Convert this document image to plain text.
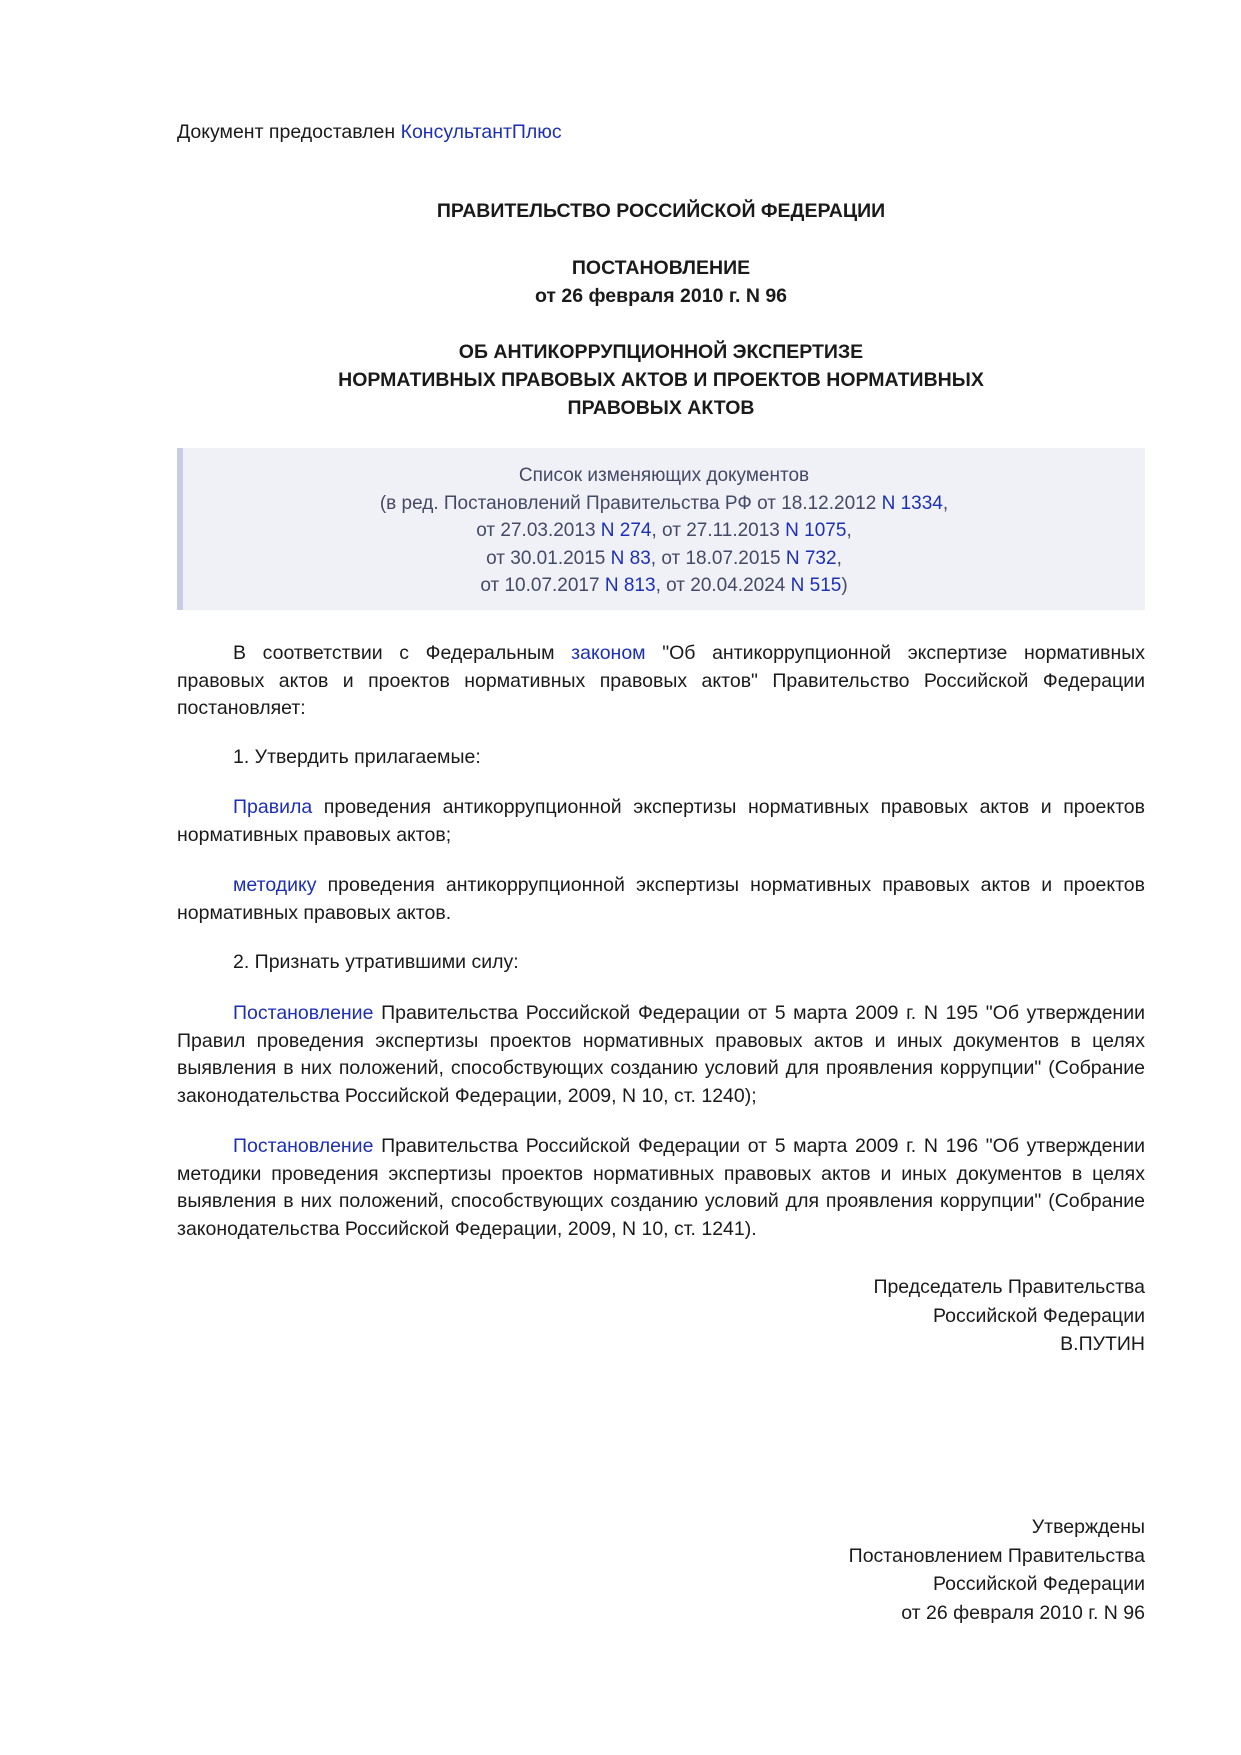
Документ предоставлен КонсультантПлюс
ПРАВИТЕЛЬСТВО РОССИЙСКОЙ ФЕДЕРАЦИИ
ПОСТАНОВЛЕНИЕ
от 26 февраля 2010 г. N 96
ОБ АНТИКОРРУПЦИОННОЙ ЭКСПЕРТИЗЕ
НОРМАТИВНЫХ ПРАВОВЫХ АКТОВ И ПРОЕКТОВ НОРМАТИВНЫХ
ПРАВОВЫХ АКТОВ
Список изменяющих документов
(в ред. Постановлений Правительства РФ от 18.12.2012 N 1334,
от 27.03.2013 N 274, от 27.11.2013 N 1075,
от 30.01.2015 N 83, от 18.07.2015 N 732,
от 10.07.2017 N 813, от 20.04.2024 N 515)
В соответствии с Федеральным законом "Об антикоррупционной экспертизе нормативных правовых актов и проектов нормативных правовых актов" Правительство Российской Федерации постановляет:
1. Утвердить прилагаемые:
Правила проведения антикоррупционной экспертизы нормативных правовых актов и проектов нормативных правовых актов;
методику проведения антикоррупционной экспертизы нормативных правовых актов и проектов нормативных правовых актов.
2. Признать утратившими силу:
Постановление Правительства Российской Федерации от 5 марта 2009 г. N 195 "Об утверждении Правил проведения экспертизы проектов нормативных правовых актов и иных документов в целях выявления в них положений, способствующих созданию условий для проявления коррупции" (Собрание законодательства Российской Федерации, 2009, N 10, ст. 1240);
Постановление Правительства Российской Федерации от 5 марта 2009 г. N 196 "Об утверждении методики проведения экспертизы проектов нормативных правовых актов и иных документов в целях выявления в них положений, способствующих созданию условий для проявления коррупции" (Собрание законодательства Российской Федерации, 2009, N 10, ст. 1241).
Председатель Правительства
Российской Федерации
В.ПУТИН
Утверждены
Постановлением Правительства
Российской Федерации
от 26 февраля 2010 г. N 96
